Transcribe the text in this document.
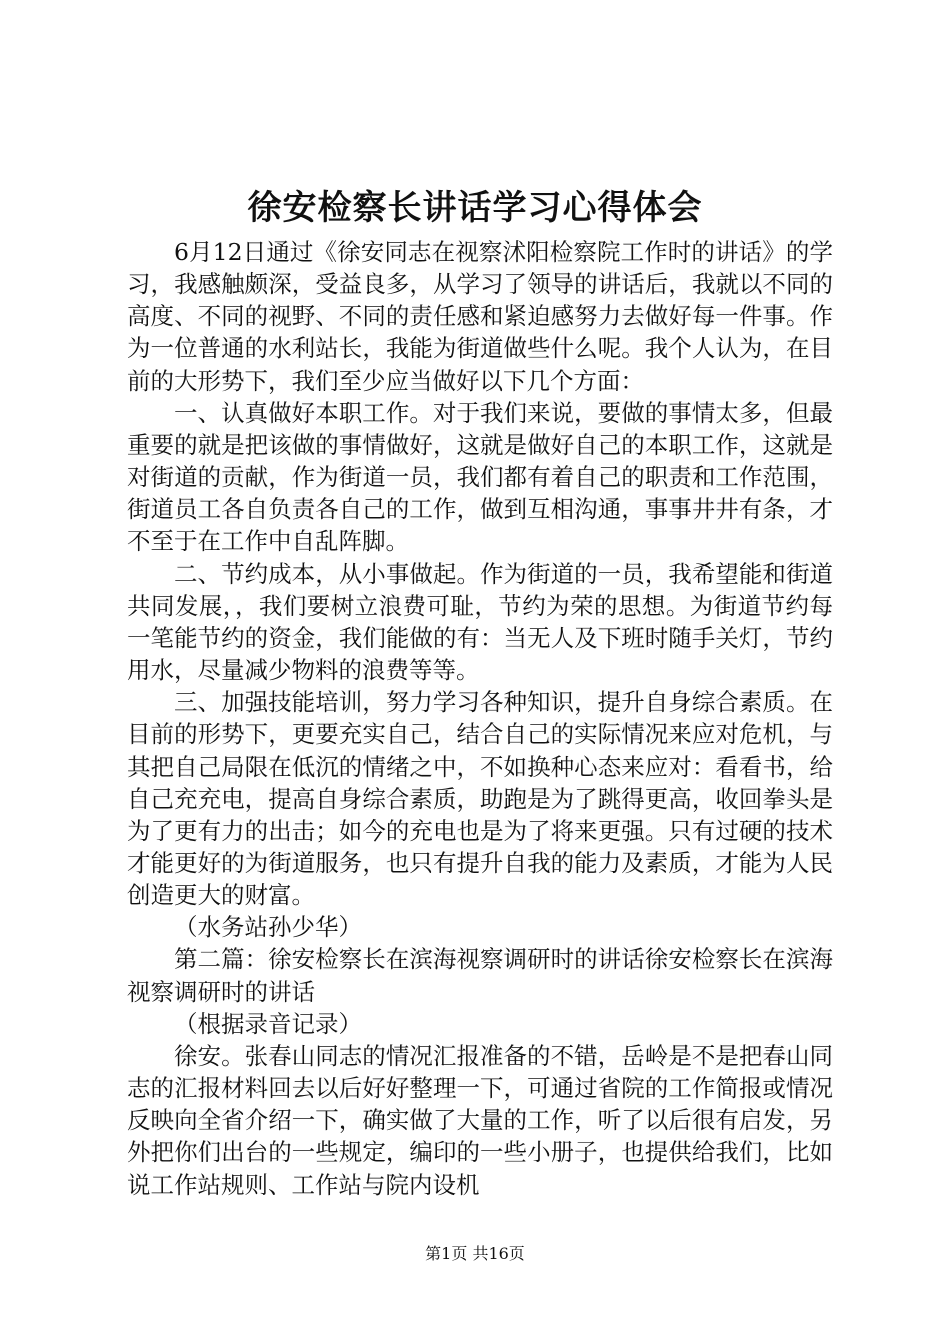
徐安检察长讲话学习心得体会

6月12日通过《徐安同志在视察沭阳检察院工作时的讲话》的学习，我感触颇深，受益良多，从学习了领导的讲话后，我就以不同的高度、不同的视野、不同的责任感和紧迫感努力去做好每一件事。作为一位普通的水利站长，我能为街道做些什么呢。我个人认为，在目前的大形势下，我们至少应当做好以下几个方面：

一、认真做好本职工作。对于我们来说，要做的事情太多，但最重要的就是把该做的事情做好，这就是做好自己的本职工作，这就是对街道的贡献，作为街道一员，我们都有着自己的职责和工作范围，街道员工各自负责各自己的工作，做到互相沟通，事事井井有条，才不至于在工作中自乱阵脚。

二、节约成本，从小事做起。作为街道的一员，我希望能和街道共同发展，，我们要树立浪费可耻，节约为荣的思想。为街道节约每一笔能节约的资金，我们能做的有：当无人及下班时随手关灯，节约用水，尽量减少物料的浪费等等。

三、加强技能培训，努力学习各种知识，提升自身综合素质。在目前的形势下，更要充实自己，结合自己的实际情况来应对危机，与其把自己局限在低沉的情绪之中，不如换种心态来应对：看看书，给自己充充电，提高自身综合素质，助跑是为了跳得更高，收回拳头是为了更有力的出击；如今的充电也是为了将来更强。只有过硬的技术才能更好的为街道服务，也只有提升自我的能力及素质，才能为人民创造更大的财富。

（水务站孙少华）

第二篇：徐安检察长在滨海视察调研时的讲话徐安检察长在滨海视察调研时的讲话

（根据录音记录）

徐安。张春山同志的情况汇报准备的不错，岳岭是不是把春山同志的汇报材料回去以后好好整理一下，可通过省院的工作简报或情况反映向全省介绍一下，确实做了大量的工作，听了以后很有启发，另外把你们出台的一些规定，编印的一些小册子，也提供给我们，比如说工作站规则、工作站与院内设机

第1页 共16页
